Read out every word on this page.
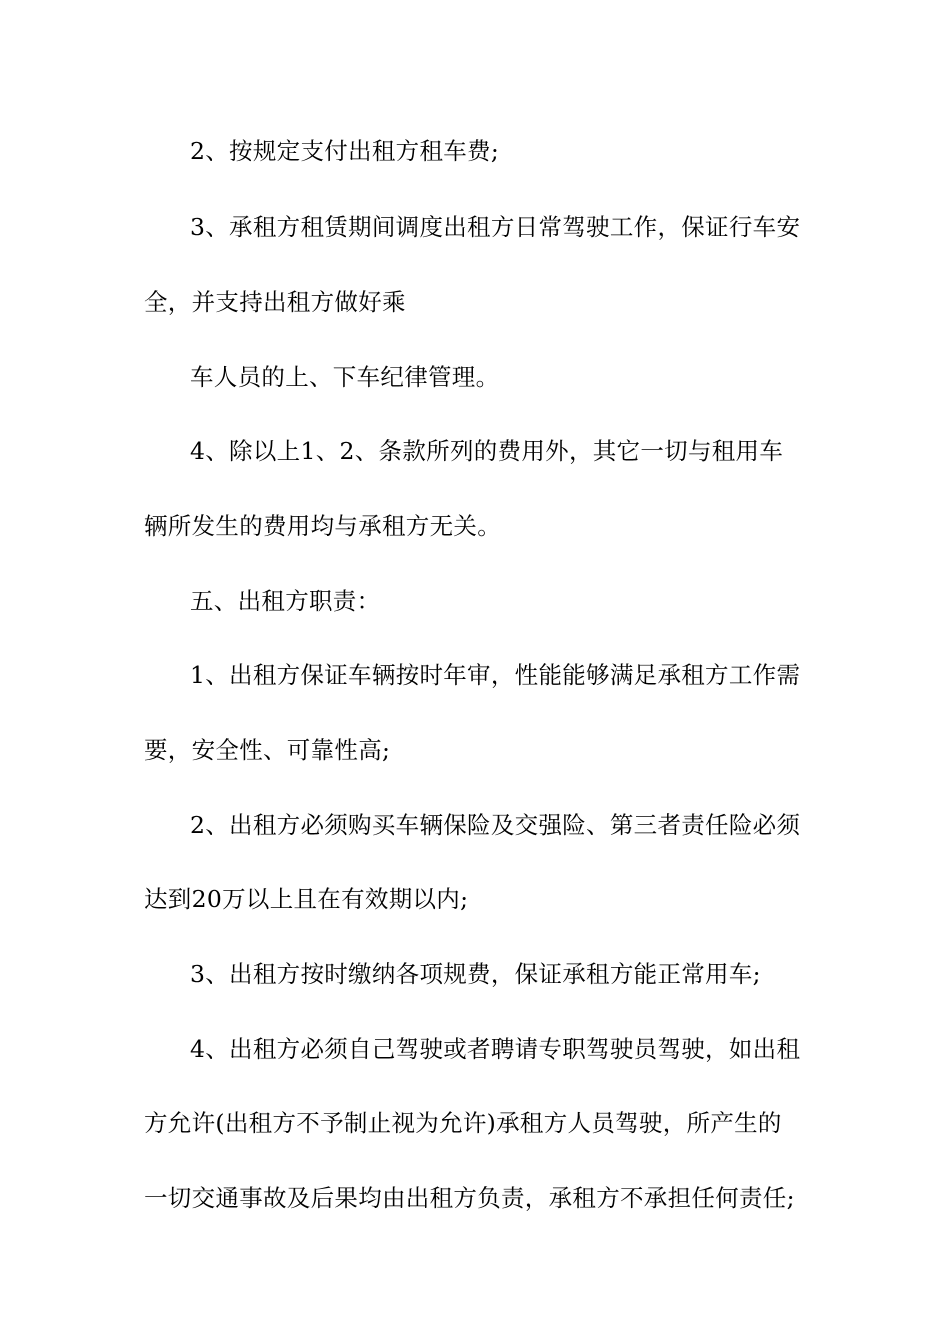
2、按规定支付出租方租车费;
3、承租方租赁期间调度出租方日常驾驶工作，保证行车安
全，并支持出租方做好乘
车人员的上、下车纪律管理。
4、除以上1、2、条款所列的费用外，其它一切与租用车
辆所发生的费用均与承租方无关。
五、出租方职责：
1、出租方保证车辆按时年审，性能能够满足承租方工作需
要，安全性、可靠性高;
2、出租方必须购买车辆保险及交强险、第三者责任险必须
达到20万以上且在有效期以内;
3、出租方按时缴纳各项规费，保证承租方能正常用车;
4、出租方必须自己驾驶或者聘请专职驾驶员驾驶，如出租
方允许(出租方不予制止视为允许)承租方人员驾驶，所产生的
一切交通事故及后果均由出租方负责，承租方不承担任何责任;
